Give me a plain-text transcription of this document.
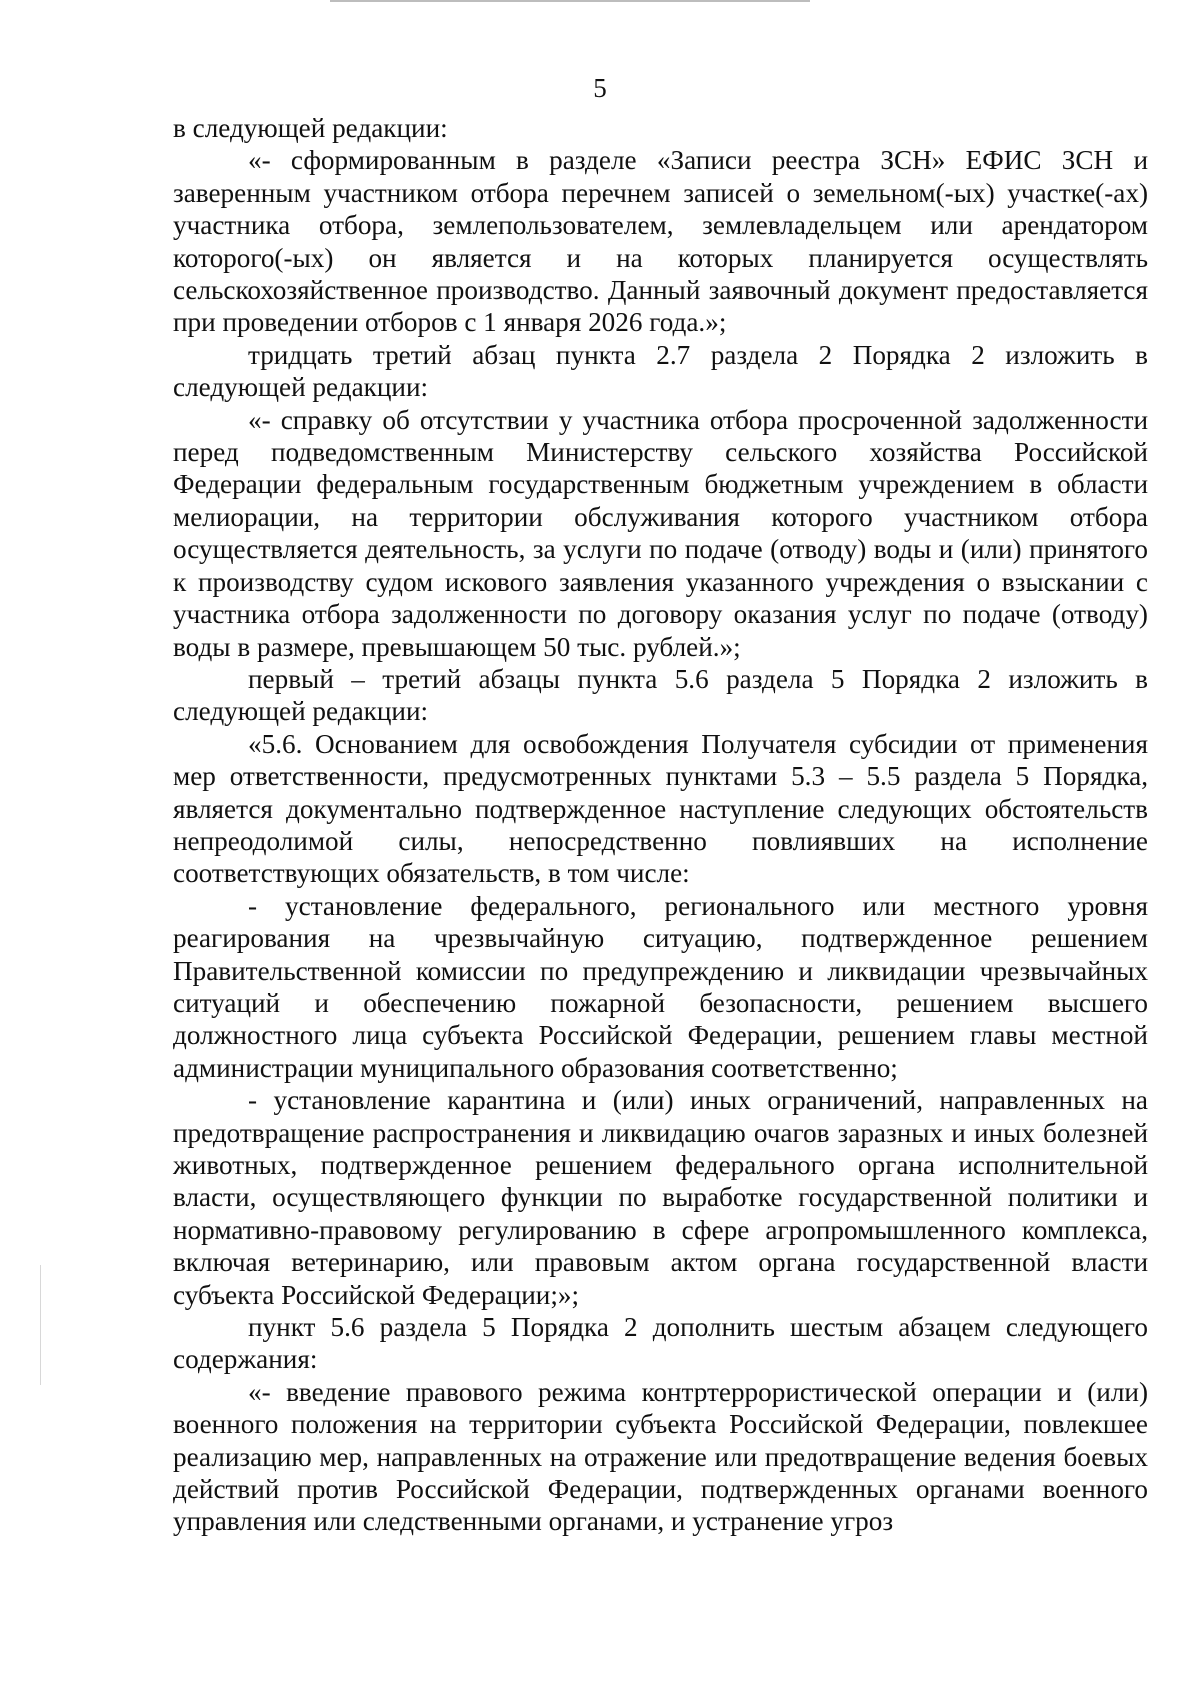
5

в следующей редакции:

«- сформированным в разделе «Записи реестра ЗСН» ЕФИС ЗСН и заверенным участником отбора перечнем записей о земельном(-ых) участке(-ах) участника отбора, землепользователем, землевладельцем или арендатором которого(-ых) он является и на которых планируется осуществлять сельскохозяйственное производство. Данный заявочный документ предоставляется при проведении отборов с 1 января 2026 года.»;

тридцать третий абзац пункта 2.7 раздела 2 Порядка 2 изложить в следующей редакции:

«- справку об отсутствии у участника отбора просроченной задолженности перед подведомственным Министерству сельского хозяйства Российской Федерации федеральным государственным бюджетным учреждением в области мелиорации, на территории обслуживания которого участником отбора осуществляется деятельность, за услуги по подаче (отводу) воды и (или) принятого к производству судом искового заявления указанного учреждения о взыскании с участника отбора задолженности по договору оказания услуг по подаче (отводу) воды в размере, превышающем 50 тыс. рублей.»;

первый – третий абзацы пункта 5.6 раздела 5 Порядка 2 изложить в следующей редакции:

«5.6. Основанием для освобождения Получателя субсидии от применения мер ответственности, предусмотренных пунктами 5.3 – 5.5 раздела 5 Порядка, является документально подтвержденное наступление следующих обстоятельств непреодолимой силы, непосредственно повлиявших на исполнение соответствующих обязательств, в том числе:

- установление федерального, регионального или местного уровня реагирования на чрезвычайную ситуацию, подтвержденное решением Правительственной комиссии по предупреждению и ликвидации чрезвычайных ситуаций и обеспечению пожарной безопасности, решением высшего должностного лица субъекта Российской Федерации, решением главы местной администрации муниципального образования соответственно;

- установление карантина и (или) иных ограничений, направленных на предотвращение распространения и ликвидацию очагов заразных и иных болезней животных, подтвержденное решением федерального органа исполнительной власти, осуществляющего функции по выработке государственной политики и нормативно-правовому регулированию в сфере агропромышленного комплекса, включая ветеринарию, или правовым актом органа государственной власти субъекта Российской Федерации;»;

пункт 5.6 раздела 5 Порядка 2 дополнить шестым абзацем следующего содержания:

«- введение правового режима контртеррористической операции и (или) военного положения на территории субъекта Российской Федерации, повлекшее реализацию мер, направленных на отражение или предотвращение ведения боевых действий против Российской Федерации, подтвержденных органами военного управления или следственными органами, и устранение угроз
